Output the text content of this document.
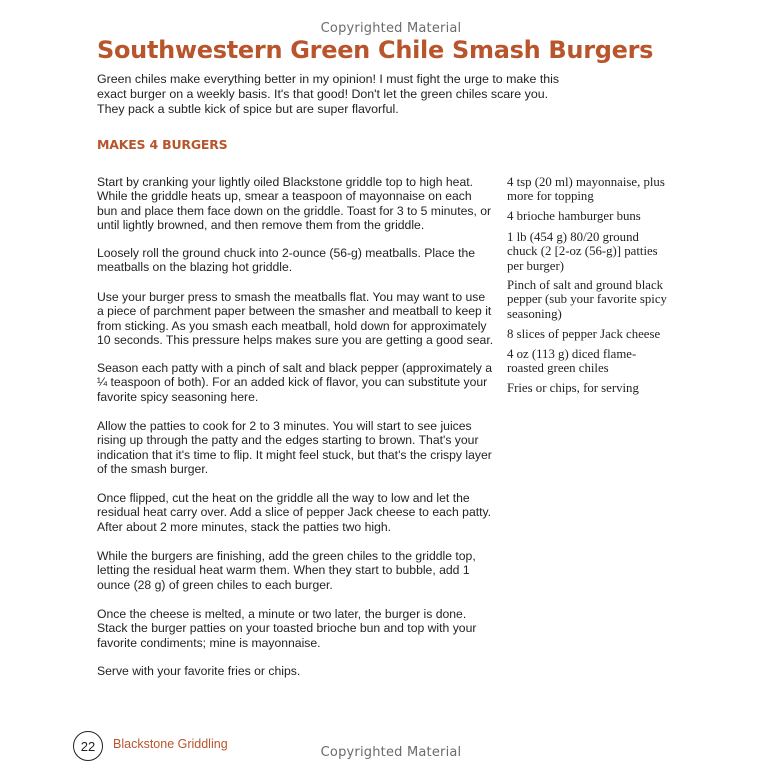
Copyrighted Material
Southwestern Green Chile Smash Burgers

Green chiles make everything better in my opinion! I must fight the urge to make this exact burger on a weekly basis. It's that good! Don't let the green chiles scare you. They pack a subtle kick of spice but are super flavorful.

MAKES 4 BURGERS

Start by cranking your lightly oiled Blackstone griddle top to high heat. While the griddle heats up, smear a teaspoon of mayonnaise on each bun and place them face down on the griddle. Toast for 3 to 5 minutes, or until lightly browned, and then remove them from the griddle.

Loosely roll the ground chuck into 2-ounce (56-g) meatballs. Place the meatballs on the blazing hot griddle.

Use your burger press to smash the meatballs flat. You may want to use a piece of parchment paper between the smasher and meatball to keep it from sticking. As you smash each meatball, hold down for approximately 10 seconds. This pressure helps makes sure you are getting a good sear.

Season each patty with a pinch of salt and black pepper (approximately a ¼ teaspoon of both). For an added kick of flavor, you can substitute your favorite spicy seasoning here.

Allow the patties to cook for 2 to 3 minutes. You will start to see juices rising up through the patty and the edges starting to brown. That's your indication that it's time to flip. It might feel stuck, but that's the crispy layer of the smash burger.

Once flipped, cut the heat on the griddle all the way to low and let the residual heat carry over. Add a slice of pepper Jack cheese to each patty. After about 2 more minutes, stack the patties two high.

While the burgers are finishing, add the green chiles to the griddle top, letting the residual heat warm them. When they start to bubble, add 1 ounce (28 g) of green chiles to each burger.

Once the cheese is melted, a minute or two later, the burger is done. Stack the burger patties on your toasted brioche bun and top with your favorite condiments; mine is mayonnaise.

Serve with your favorite fries or chips.

4 tsp (20 ml) mayonnaise, plus more for topping

4 brioche hamburger buns

1 lb (454 g) 80/20 ground chuck (2 [2-oz (56-g)] patties per burger)

Pinch of salt and ground black pepper (sub your favorite spicy seasoning)

8 slices of pepper Jack cheese

4 oz (113 g) diced flame-roasted green chiles

Fries or chips, for serving

22 Blackstone Griddling
Copyrighted Material
